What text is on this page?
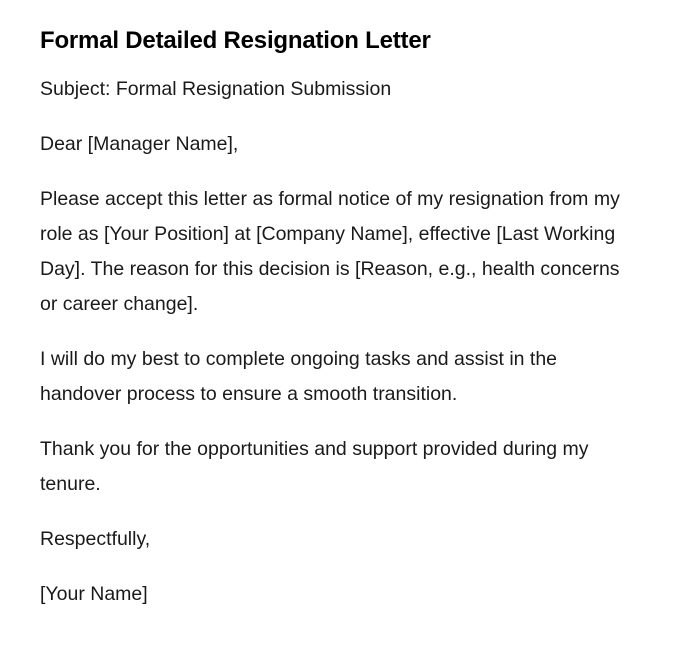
Formal Detailed Resignation Letter

Subject: Formal Resignation Submission

Dear [Manager Name],

Please accept this letter as formal notice of my resignation from my role as [Your Position] at [Company Name], effective [Last Working Day]. The reason for this decision is [Reason, e.g., health concerns or career change].

I will do my best to complete ongoing tasks and assist in the handover process to ensure a smooth transition.

Thank you for the opportunities and support provided during my tenure.

Respectfully,

[Your Name]
